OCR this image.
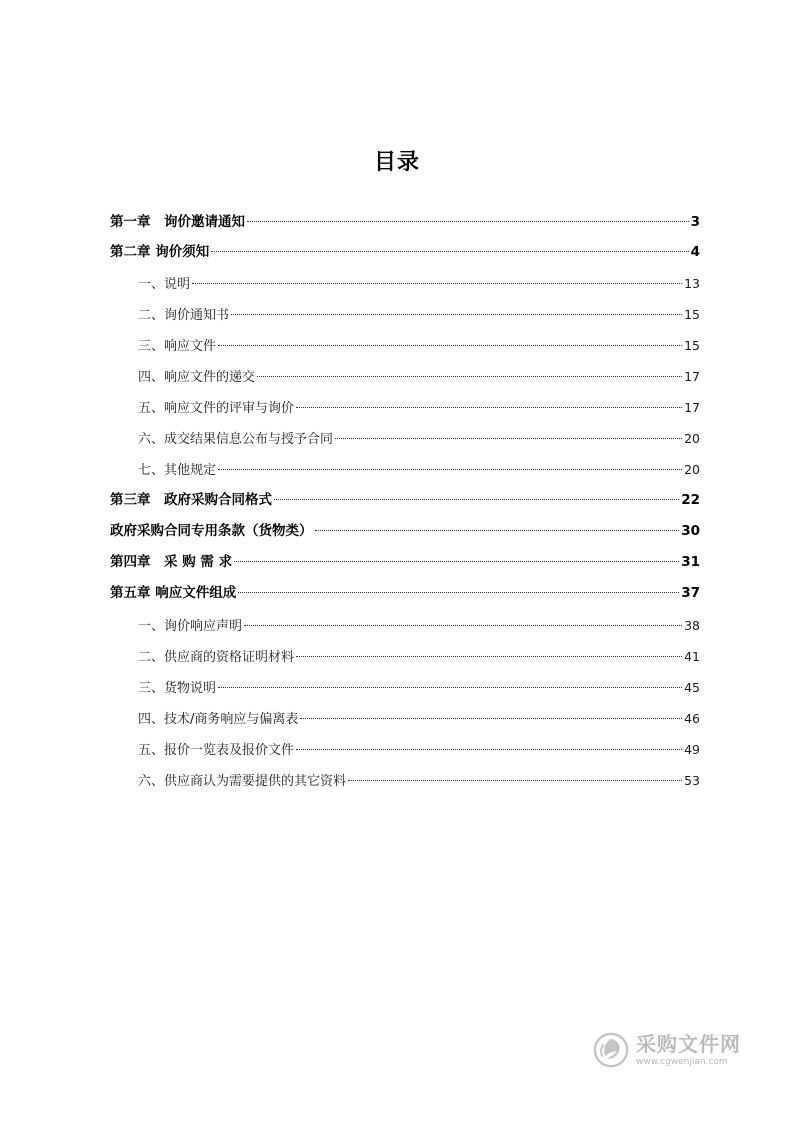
目录
第一章　询价邀请通知	3
第二章 询价须知	4
一、说明	13
二、询价通知书	15
三、响应文件	15
四、响应文件的递交	17
五、响应文件的评审与询价	17
六、成交结果信息公布与授予合同	20
七、其他规定	20
第三章　政府采购合同格式	22
政府采购合同专用条款（货物类）	30
第四章　采 购 需 求	31
第五章 响应文件组成	37
一、询价响应声明	38
二、供应商的资格证明材料	41
三、货物说明	45
四、技术/商务响应与偏离表	46
五、报价一览表及报价文件	49
六、供应商认为需要提供的其它资料	53
采购文件网
www.cgwenjian.com
